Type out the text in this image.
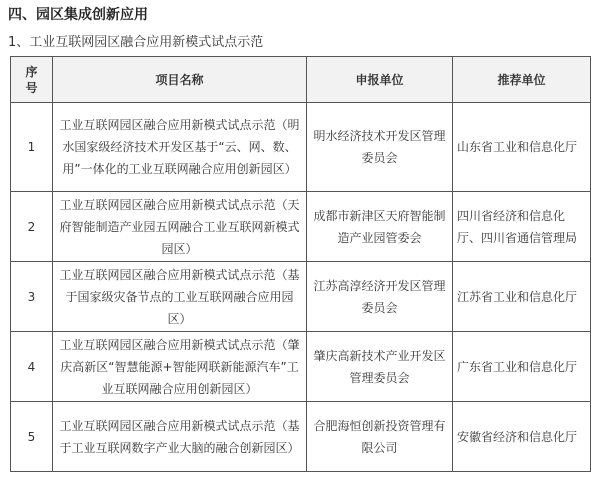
四、园区集成创新应用

1、工业互联网园区融合应用新模式试点示范

序
号	项目名称	申报单位	推荐单位
1	工业互联网园区融合应用新模式试点示范（明水国家级经济技术开发区基于“云、网、数、用”一体化的工业互联网融合应用创新园区）	明水经济技术开发区管理委员会	山东省工业和信息化厅
2	工业互联网园区融合应用新模式试点示范（天府智能制造产业园五网融合工业互联网新模式园区）	成都市新津区天府智能制造产业园管委会	四川省经济和信息化厅、四川省通信管理局
3	工业互联网园区融合应用新模式试点示范（基于国家级灾备节点的工业互联网融合应用园区）	江苏高淳经济开发区管理委员会	江苏省工业和信息化厅
4	工业互联网园区融合应用新模式试点示范（肇庆高新区“智慧能源+智能网联新能源汽车”工业互联网融合应用创新园区）	肇庆高新技术产业开发区管理委员会	广东省工业和信息化厅
5	工业互联网园区融合应用新模式试点示范（基于工业互联网数字产业大脑的融合创新园区）	合肥海恒创新投资管理有限公司	安徽省经济和信息化厅
